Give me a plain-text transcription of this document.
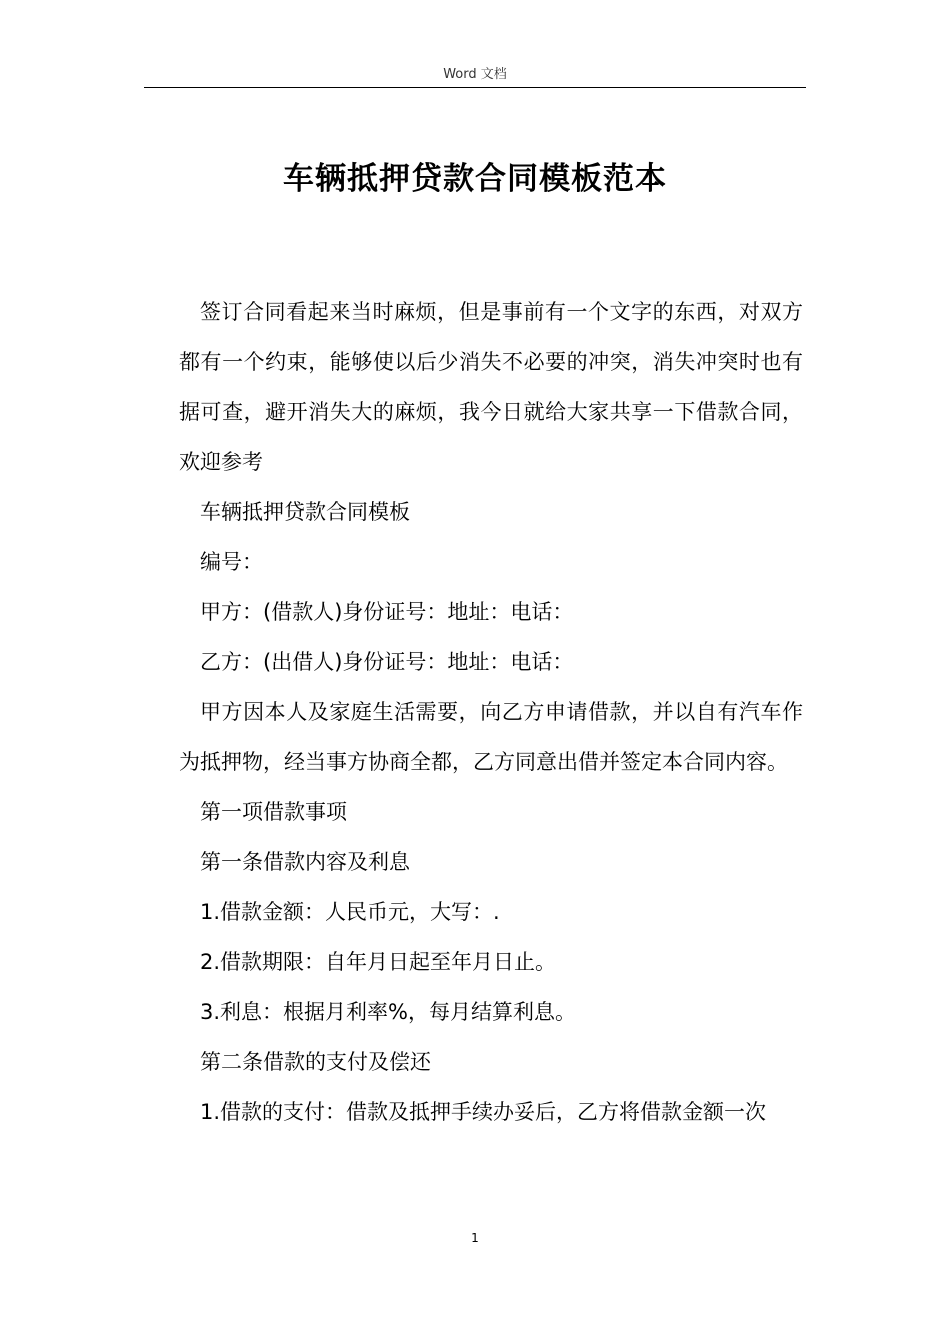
Word 文档
车辆抵押贷款合同模板范本

签订合同看起来当时麻烦，但是事前有一个文字的东西，对双方都有一个约束，能够使以后少消失不必要的冲突，消失冲突时也有据可查，避开消失大的麻烦，我今日就给大家共享一下借款合同，欢迎参考

车辆抵押贷款合同模板

编号：

甲方：(借款人)身份证号：地址：电话：

乙方：(出借人)身份证号：地址：电话：

甲方因本人及家庭生活需要，向乙方申请借款，并以自有汽车作为抵押物，经当事方协商全都，乙方同意出借并签定本合同内容。

第一项借款事项

第一条借款内容及利息

1.借款金额：人民币元，大写：.

2.借款期限：自年月日起至年月日止。

3.利息：根据月利率%，每月结算利息。

第二条借款的支付及偿还

1.借款的支付：借款及抵押手续办妥后，乙方将借款金额一次

1
